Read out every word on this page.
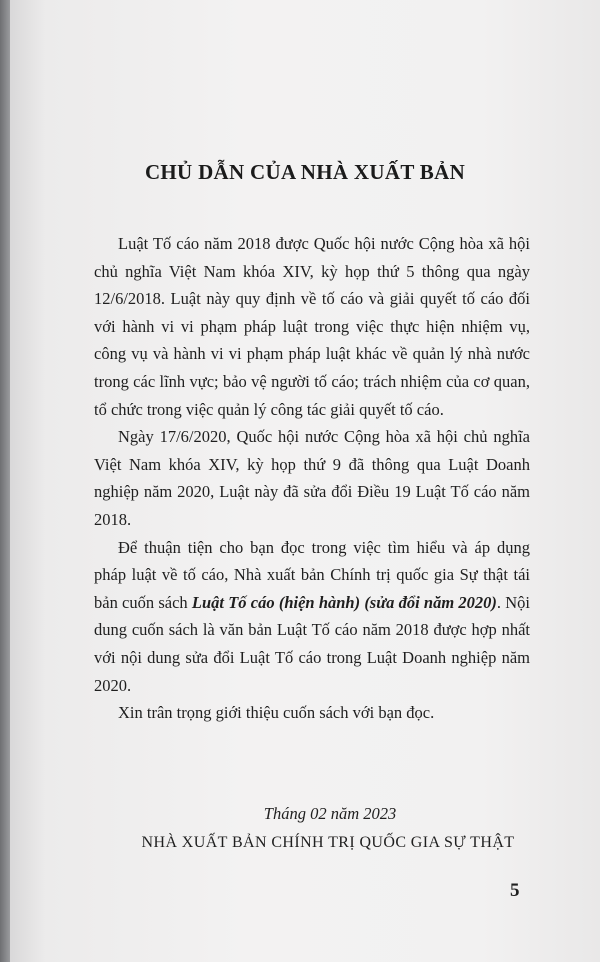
CHỦ DẪN CỦA NHÀ XUẤT BẢN

Luật Tố cáo năm 2018 được Quốc hội nước Cộng hòa xã hội chủ nghĩa Việt Nam khóa XIV, kỳ họp thứ 5 thông qua ngày 12/6/2018. Luật này quy định về tố cáo và giải quyết tố cáo đối với hành vi vi phạm pháp luật trong việc thực hiện nhiệm vụ, công vụ và hành vi vi phạm pháp luật khác về quản lý nhà nước trong các lĩnh vực; bảo vệ người tố cáo; trách nhiệm của cơ quan, tổ chức trong việc quản lý công tác giải quyết tố cáo.

Ngày 17/6/2020, Quốc hội nước Cộng hòa xã hội chủ nghĩa Việt Nam khóa XIV, kỳ họp thứ 9 đã thông qua Luật Doanh nghiệp năm 2020, Luật này đã sửa đổi Điều 19 Luật Tố cáo năm 2018.

Để thuận tiện cho bạn đọc trong việc tìm hiểu và áp dụng pháp luật về tố cáo, Nhà xuất bản Chính trị quốc gia Sự thật tái bản cuốn sách Luật Tố cáo (hiện hành) (sửa đổi năm 2020). Nội dung cuốn sách là văn bản Luật Tố cáo năm 2018 được hợp nhất với nội dung sửa đổi Luật Tố cáo trong Luật Doanh nghiệp năm 2020.

Xin trân trọng giới thiệu cuốn sách với bạn đọc.

Tháng 02 năm 2023
NHÀ XUẤT BẢN CHÍNH TRỊ QUỐC GIA SỰ THẬT
5
